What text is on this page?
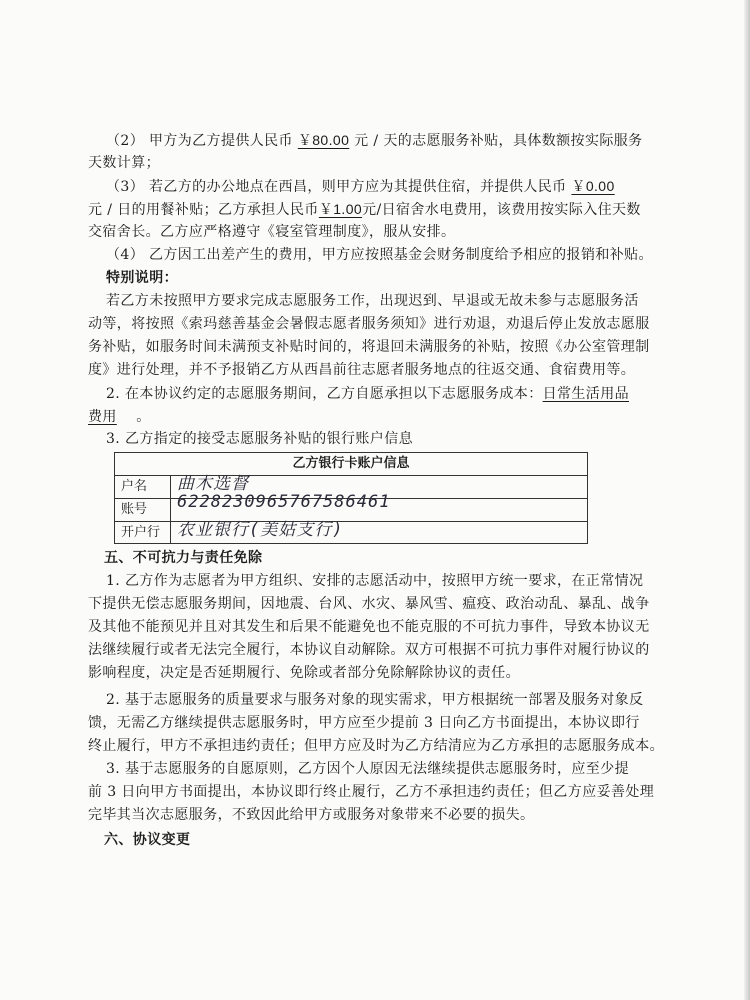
（2） 甲方为乙方提供人民币 ￥80.00 元 / 天的志愿服务补贴，具体数额按实际服务
天数计算；
（3） 若乙方的办公地点在西昌，则甲方应为其提供住宿，并提供人民币 ￥0.00
元 / 日的用餐补贴；乙方承担人民币￥1.00元/日宿舍水电费用，该费用按实际入住天数
交宿舍长。乙方应严格遵守《寝室管理制度》，服从安排。
（4） 乙方因工出差产生的费用，甲方应按照基金会财务制度给予相应的报销和补贴。
特别说明：
若乙方未按照甲方要求完成志愿服务工作，出现迟到、早退或无故未参与志愿服务活
动等，将按照《索玛慈善基金会暑假志愿者服务须知》进行劝退，劝退后停止发放志愿服
务补贴，如服务时间未满预支补贴时间的，将退回未满服务的补贴，按照《办公室管理制
度》进行处理，并不予报销乙方从西昌前往志愿者服务地点的往返交通、食宿费用等。
2. 在本协议约定的志愿服务期间，乙方自愿承担以下志愿服务成本：日常生活用品
费用 。
3. 乙方指定的接受志愿服务补贴的银行账户信息
乙方银行卡账户信息
户名	曲木选督
账号	6228230965767586461
开户行 农业银行(美姑支行)
五、不可抗力与责任免除
1. 乙方作为志愿者为甲方组织、安排的志愿活动中，按照甲方统一要求，在正常情况
下提供无偿志愿服务期间，因地震、台风、水灾、暴风雪、瘟疫、政治动乱、暴乱、战争
及其他不能预见并且对其发生和后果不能避免也不能克服的不可抗力事件，导致本协议无
法继续履行或者无法完全履行，本协议自动解除。双方可根据不可抗力事件对履行协议的
影响程度，决定是否延期履行、免除或者部分免除解除协议的责任。
2. 基于志愿服务的质量要求与服务对象的现实需求，甲方根据统一部署及服务对象反
馈，无需乙方继续提供志愿服务时，甲方应至少提前 3 日向乙方书面提出，本协议即行
终止履行，甲方不承担违约责任；但甲方应及时为乙方结清应为乙方承担的志愿服务成本。
3. 基于志愿服务的自愿原则，乙方因个人原因无法继续提供志愿服务时，应至少提
前 3 日向甲方书面提出，本协议即行终止履行，乙方不承担违约责任；但乙方应妥善处理
完毕其当次志愿服务，不致因此给甲方或服务对象带来不必要的损失。
六、协议变更
